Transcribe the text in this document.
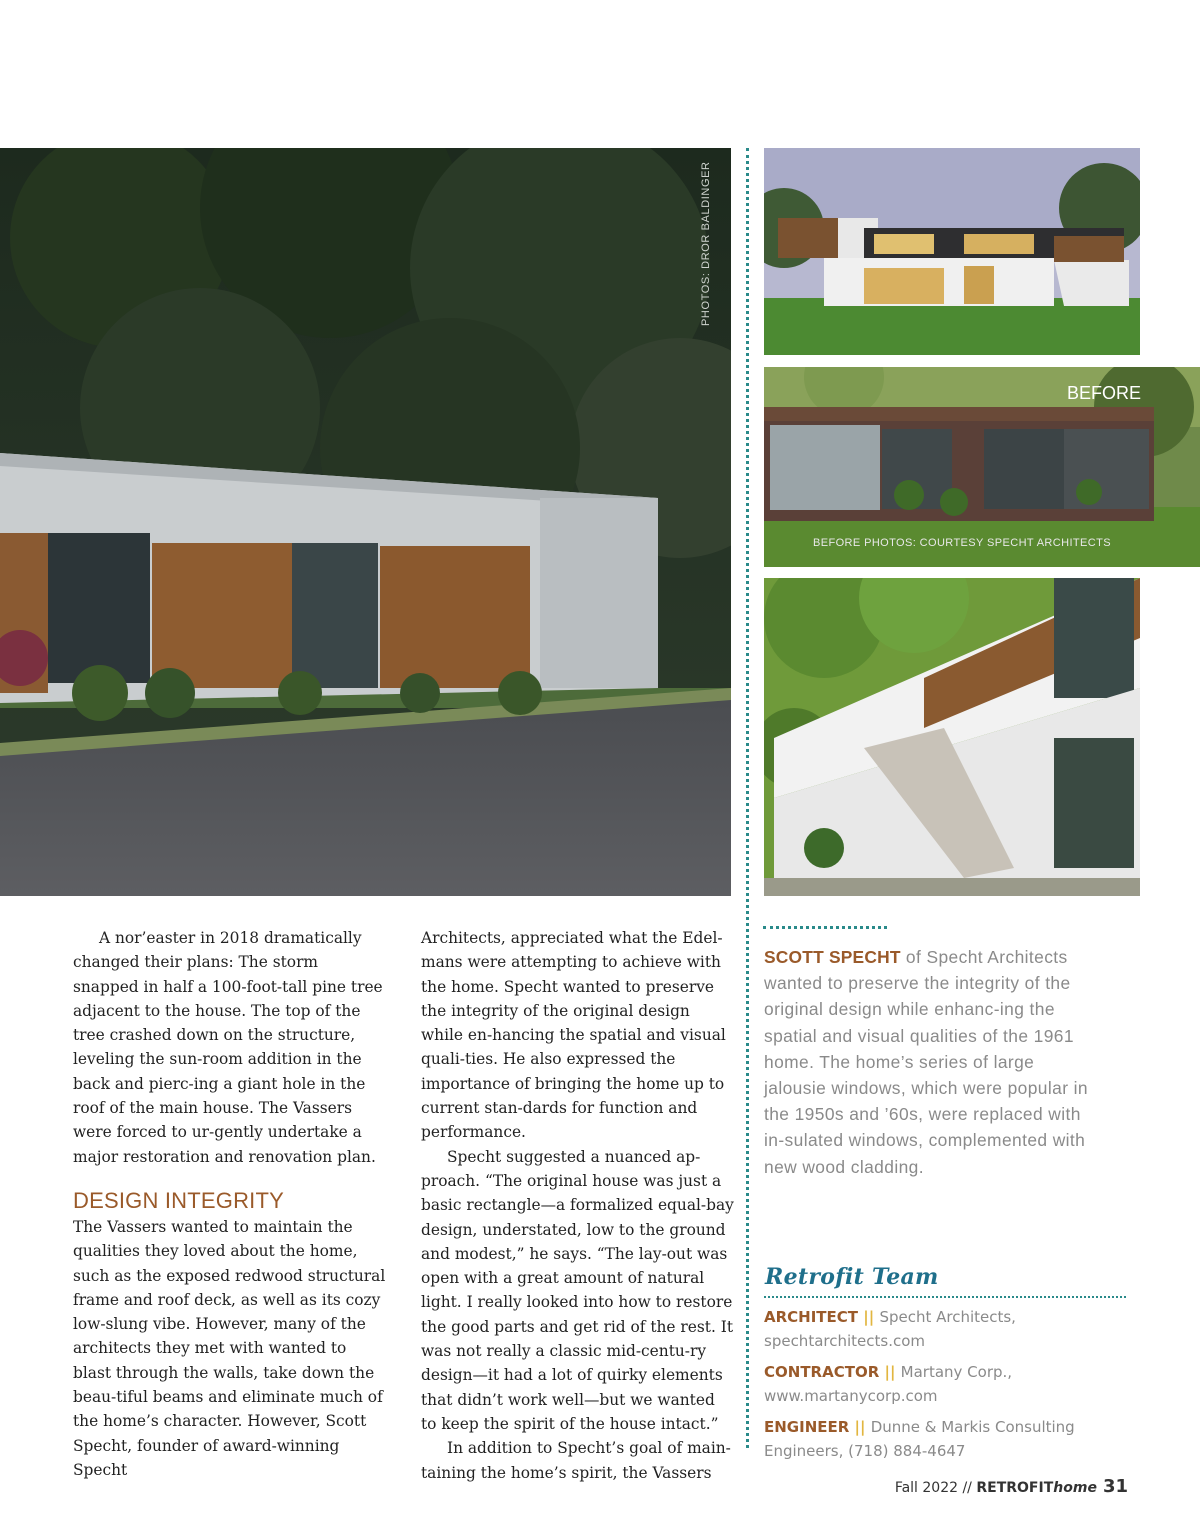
PHOTOS: DROR BALDINGER
BEFORE
BEFORE PHOTOS: COURTESY SPECHT ARCHITECTS

A nor’easter in 2018 dramatically changed their plans: The storm snapped in half a 100-foot-tall pine tree adjacent to the house. The top of the tree crashed down on the structure, leveling the sun-room addition in the back and pierc-ing a giant hole in the roof of the main house. The Vassers were forced to ur-gently undertake a major restoration and renovation plan.

DESIGN INTEGRITY

The Vassers wanted to maintain the qualities they loved about the home, such as the exposed redwood structural frame and roof deck, as well as its cozy low-slung vibe. However, many of the architects they met with wanted to blast through the walls, take down the beau-tiful beams and eliminate much of the home’s character. However, Scott Specht, founder of award-winning Specht

Architects, appreciated what the Edel-mans were attempting to achieve with the home. Specht wanted to preserve the integrity of the original design while en-hancing the spatial and visual quali-ties. He also expressed the importance of bringing the home up to current stan-dards for function and performance.

Specht suggested a nuanced ap-proach. “The original house was just a basic rectangle—a formalized equal-bay design, understated, low to the ground and modest,” he says. “The lay-out was open with a great amount of natural light. I really looked into how to restore the good parts and get rid of the rest. It was not really a classic mid-centu-ry design—it had a lot of quirky elements that didn’t work well—but we wanted to keep the spirit of the house intact.”

In addition to Specht’s goal of main-taining the home’s spirit, the Vassers

SCOTT SPECHT of Specht Architects wanted to preserve the integrity of the original design while enhanc-ing the spatial and visual qualities of the 1961 home. The home’s series of large jalousie windows, which were popular in the 1950s and ’60s, were replaced with in-sulated windows, complemented with new wood cladding.
Retrofit Team
ARCHITECT || Specht Architects,
spechtarchitects.com
CONTRACTOR || Martany Corp.,
www.martanycorp.com
ENGINEER || Dunne & Markis Consulting
Engineers, (718) 884-4647
Fall 2022 // RETROFIThome 31
